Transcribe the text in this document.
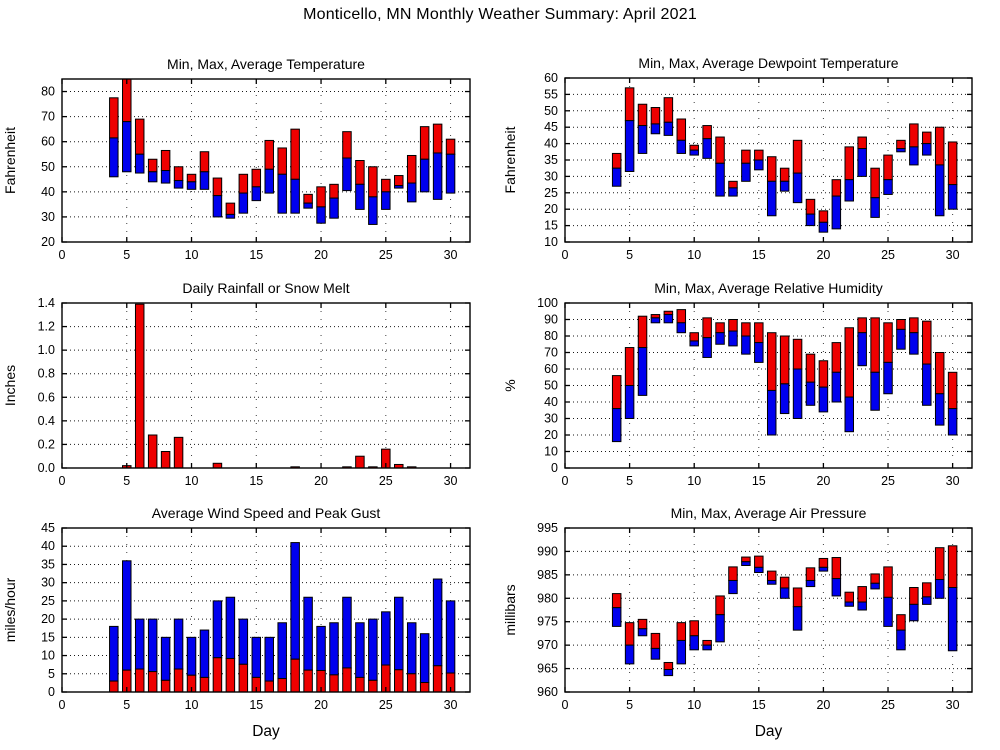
Monticello, MN Monthly Weather Summary: April 2021
0	5	10	15	20	25	30
20
30
40
50
60
70
80
Min, Max, Average Temperature
Fahrenheit
0	5	10	15	20	25	30
10
15
20
25
30
35
40
45
50
55
60
Min, Max, Average Dewpoint Temperature
Fahrenheit
0	5	10	15	20	25	30
0.0
0.2
0.4
0.6
0.8
1.0
1.2
1.4
Daily Rainfall or Snow Melt
Inches
0	5	10	15	20	25	30
0
10
20
30
40
50
60
70
80
90
100
Min, Max, Average Relative Humidity
%
0	5	10	15	20	25	30
0
5
10
15
20
25
30
35
40
45
Average Wind Speed and Peak Gust
miles/hour
Day
0	5	10	15	20	25	30
960
965
970
975
980
985
990
995
Min, Max, Average Air Pressure
millibars
Day
